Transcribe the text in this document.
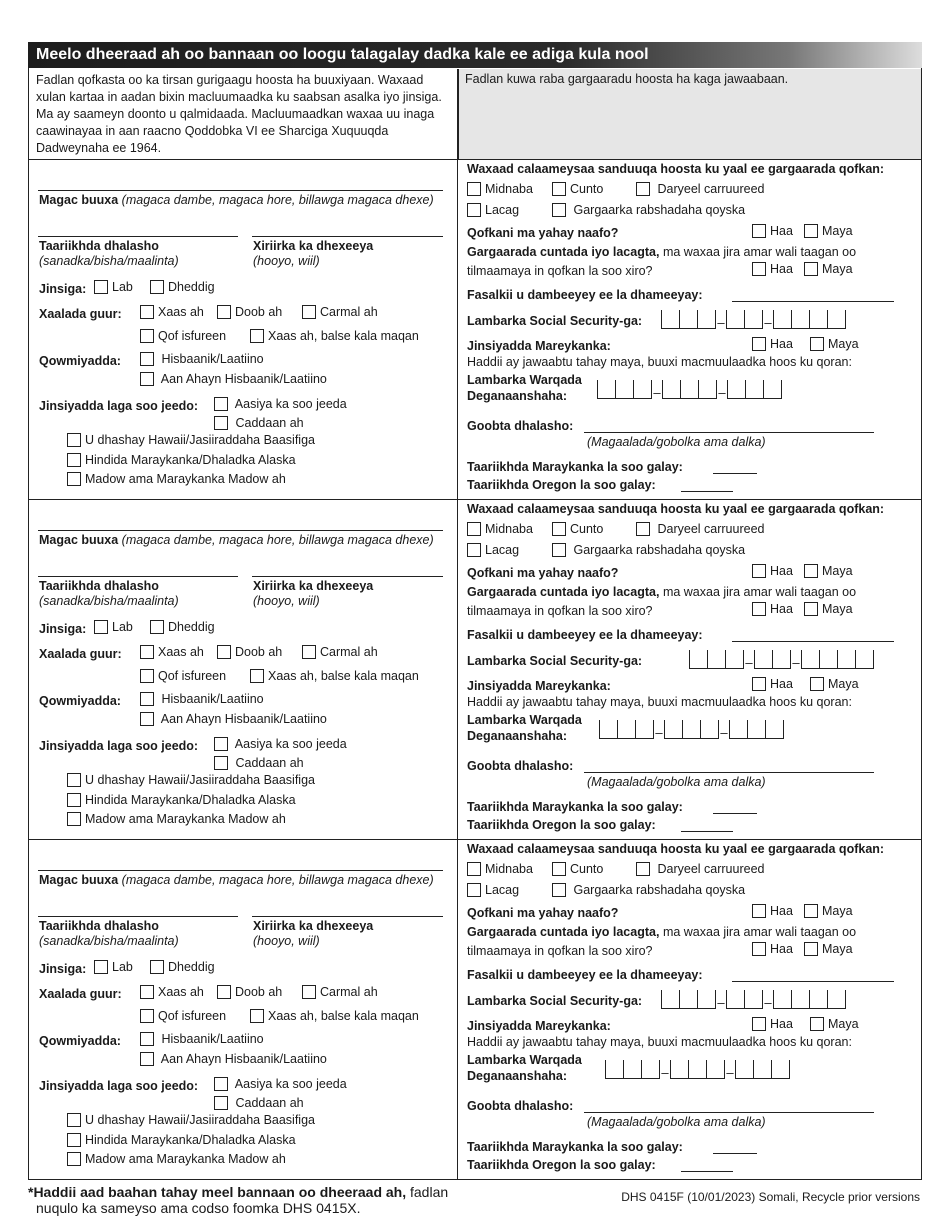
Meelo dheeraad ah oo bannaan oo loogu talagalay dadka kale ee adiga kula nool
Fadlan qofkasta oo ka tirsan gurigaagu hoosta ha buuxiyaan. Waxaad xulan kartaa in aadan bixin macluumaadka ku saabsan asalka iyo jinsiga. Ma ay saameyn doonto u qalmidaada. Macluumaadkan waxaa uu inaga caawinayaa in aan raacno Qoddobka VI ee Sharciga Xuquuqda Dadweynaha ee 1964.
Fadlan kuwa raba gargaaradu hoosta ha kaga jawaabaan.
Magac buuxa (magaca dambe, magaca hore, billawga magaca dhexe)
Taariikhda dhalasho
(sanadka/bisha/maalinta)
Xiriirka ka dhexeeya
(hooyo, wiil)
Jinsiga:	Lab	Dheddig
Xaalada guur:	Xaas ah	Doob ah	Carmal ah
Qof isfureen	Xaas ah, balse kala maqan
Qowmiyadda:	Hisbaanik/Laatiino
Aan Ahayn Hisbaanik/Laatiino
Jinsiyadda laga soo jeedo:	Aasiya ka soo jeeda
Caddaan ah
U dhashay Hawaii/Jasiiraddaha Baasifiga
Hindida Maraykanka/Dhaladka Alaska
Madow ama Maraykanka Madow ah
Waxaad calaameysaa sanduuqa hoosta ku yaal ee gargaarada qofkan:
Midnaba	Cunto	Daryeel carruureed
Lacag	Gargaarka rabshadaha qoyska
Qofkani ma yahay naafo?	Haa	Maya
Gargaarada cuntada iyo lacagta, ma waxaa jira amar wali taagan oo
tilmaamaya in qofkan la soo xiro?	Haa	Maya
Fasalkii u dambeeyey ee la dhameeyay:
Lambarka Social Security-ga:	–	–
Jinsiyadda Mareykanka:	Haa	Maya
Haddii ay jawaabtu tahay maya, buuxi macmuulaadka hoos ku qoran:
Lambarka Warqada
Deganaanshaha:	–	–
Goobta dhalasho:
(Magaalada/gobolka ama dalka)
Taariikhda Maraykanka la soo galay:
Taariikhda Oregon la soo galay:
Magac buuxa (magaca dambe, magaca hore, billawga magaca dhexe)
Taariikhda dhalasho
(sanadka/bisha/maalinta)
Xiriirka ka dhexeeya
(hooyo, wiil)
Jinsiga:	Lab	Dheddig
Xaalada guur:	Xaas ah	Doob ah	Carmal ah
Qof isfureen	Xaas ah, balse kala maqan
Qowmiyadda:	Hisbaanik/Laatiino
Aan Ahayn Hisbaanik/Laatiino
Jinsiyadda laga soo jeedo:	Aasiya ka soo jeeda
Caddaan ah
U dhashay Hawaii/Jasiiraddaha Baasifiga
Hindida Maraykanka/Dhaladka Alaska
Madow ama Maraykanka Madow ah
Waxaad calaameysaa sanduuqa hoosta ku yaal ee gargaarada qofkan:
Midnaba	Cunto	Daryeel carruureed
Lacag	Gargaarka rabshadaha qoyska
Qofkani ma yahay naafo?	Haa	Maya
Gargaarada cuntada iyo lacagta, ma waxaa jira amar wali taagan oo
tilmaamaya in qofkan la soo xiro?	Haa	Maya
Fasalkii u dambeeyey ee la dhameeyay:
Lambarka Social Security-ga:	–	–
Jinsiyadda Mareykanka:	Haa	Maya
Haddii ay jawaabtu tahay maya, buuxi macmuulaadka hoos ku qoran:
Lambarka Warqada
Deganaanshaha:	–	–
Goobta dhalasho:
(Magaalada/gobolka ama dalka)
Taariikhda Maraykanka la soo galay:
Taariikhda Oregon la soo galay:
Magac buuxa (magaca dambe, magaca hore, billawga magaca dhexe)
Taariikhda dhalasho
(sanadka/bisha/maalinta)
Xiriirka ka dhexeeya
(hooyo, wiil)
Jinsiga:	Lab	Dheddig
Xaalada guur:	Xaas ah	Doob ah	Carmal ah
Qof isfureen	Xaas ah, balse kala maqan
Qowmiyadda:	Hisbaanik/Laatiino
Aan Ahayn Hisbaanik/Laatiino
Jinsiyadda laga soo jeedo:	Aasiya ka soo jeeda
Caddaan ah
U dhashay Hawaii/Jasiiraddaha Baasifiga
Hindida Maraykanka/Dhaladka Alaska
Madow ama Maraykanka Madow ah
Waxaad calaameysaa sanduuqa hoosta ku yaal ee gargaarada qofkan:
Midnaba	Cunto	Daryeel carruureed
Lacag	Gargaarka rabshadaha qoyska
Qofkani ma yahay naafo?	Haa	Maya
Gargaarada cuntada iyo lacagta, ma waxaa jira amar wali taagan oo
tilmaamaya in qofkan la soo xiro?	Haa	Maya
Fasalkii u dambeeyey ee la dhameeyay:
Lambarka Social Security-ga:	–	–
Jinsiyadda Mareykanka:	Haa	Maya
Haddii ay jawaabtu tahay maya, buuxi macmuulaadka hoos ku qoran:
Lambarka Warqada
Deganaanshaha:	–	–
Goobta dhalasho:
(Magaalada/gobolka ama dalka)
Taariikhda Maraykanka la soo galay:
Taariikhda Oregon la soo galay:
*Haddii aad baahan tahay meel bannaan oo dheeraad ah, fadlan
nuqulo ka sameyso ama codso foomka DHS 0415X.
DHS 0415F (10/01/2023) Somali, Recycle prior versions
